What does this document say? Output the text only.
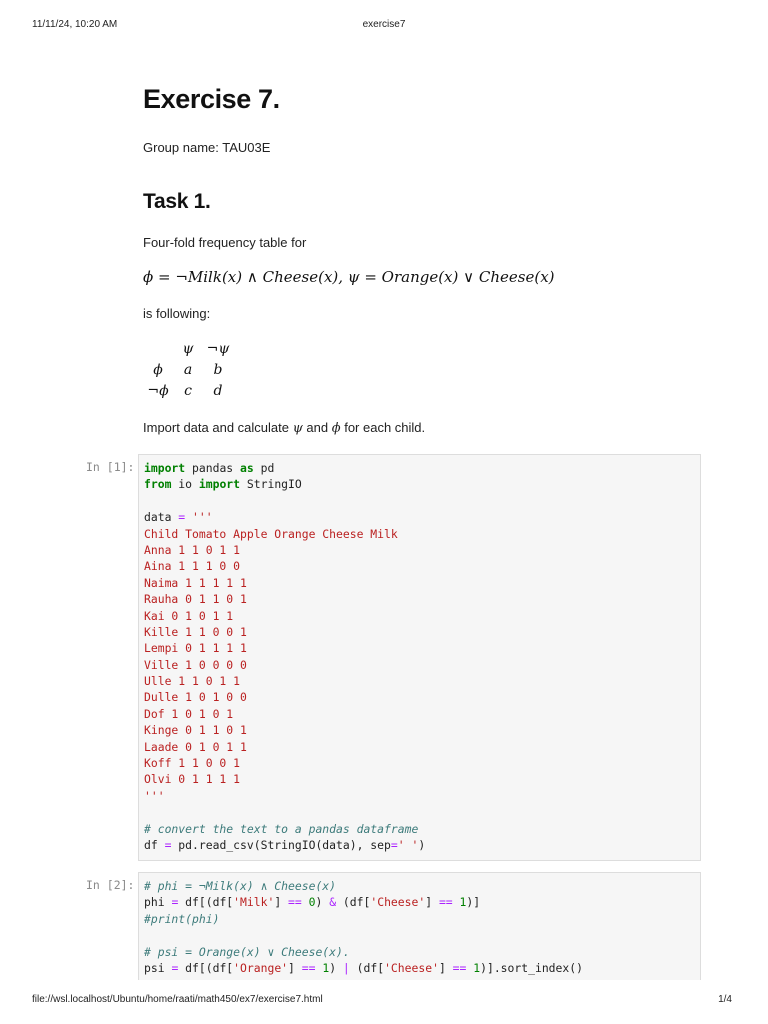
11/11/24, 10:20 AM	exercise7
Exercise 7.
Group name: TAU03E
Task 1.
Four-fold frequency table for
ϕ = ¬Milk(x) ∧ Cheese(x), ψ = Orange(x) ∨ Cheese(x)
is following:
	ψ	¬ψ
ϕ	a	b
¬ϕ	c	d
Import data and calculate ψ and ϕ for each child.
In [1]: import pandas as pd
from io import StringIO

data = '''
Child Tomato Apple Orange Cheese Milk
Anna 1 1 0 1 1
Aina 1 1 1 0 0
Naima 1 1 1 1 1
Rauha 0 1 1 0 1
Kai 0 1 0 1 1
Kille 1 1 0 0 1
Lempi 0 1 1 1 1
Ville 1 0 0 0 0
Ulle 1 1 0 1 1
Dulle 1 0 1 0 0
Dof 1 0 1 0 1
Kinge 0 1 1 0 1
Laade 0 1 0 1 1
Koff 1 1 0 0 1
Olvi 0 1 1 1 1
'''

# convert the text to a pandas dataframe
df = pd.read_csv(StringIO(data), sep=' ')
In [2]: # phi = ¬Milk(x) ∧ Cheese(x)
phi = df[(df['Milk'] == 0) & (df['Cheese'] == 1)]
#print(phi)

# psi = Orange(x) ∨ Cheese(x).
psi = df[(df['Orange'] == 1) | (df['Cheese'] == 1)].sort_index()
file://wsl.localhost/Ubuntu/home/raati/math450/ex7/exercise7.html	1/4
